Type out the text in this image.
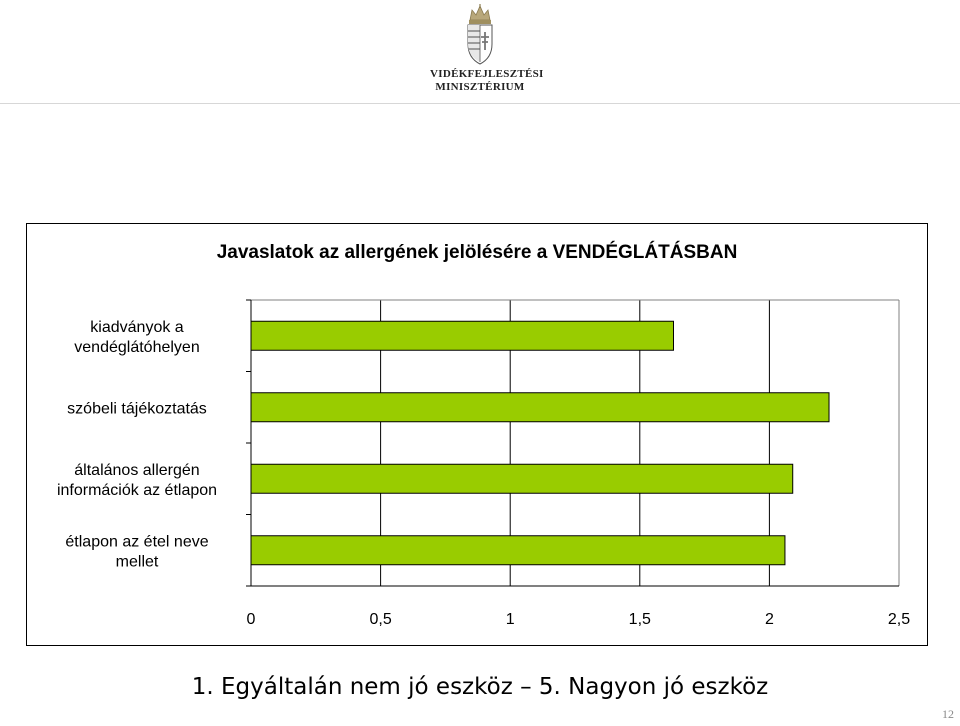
VIDÉKFEJLESZTÉSI
MINISZTÉRIUM
Javaslatok az allergének jelölésére a VENDÉGLÁTÁSBAN
kiadványok a
vendéglátóhelyen
szóbeli tájékoztatás
általános allergén
információk az étlapon
étlapon az étel neve
mellet
0	0,5	1	1,5	2	2,5
1. Egyáltalán nem jó eszköz – 5. Nagyon jó eszköz
12
